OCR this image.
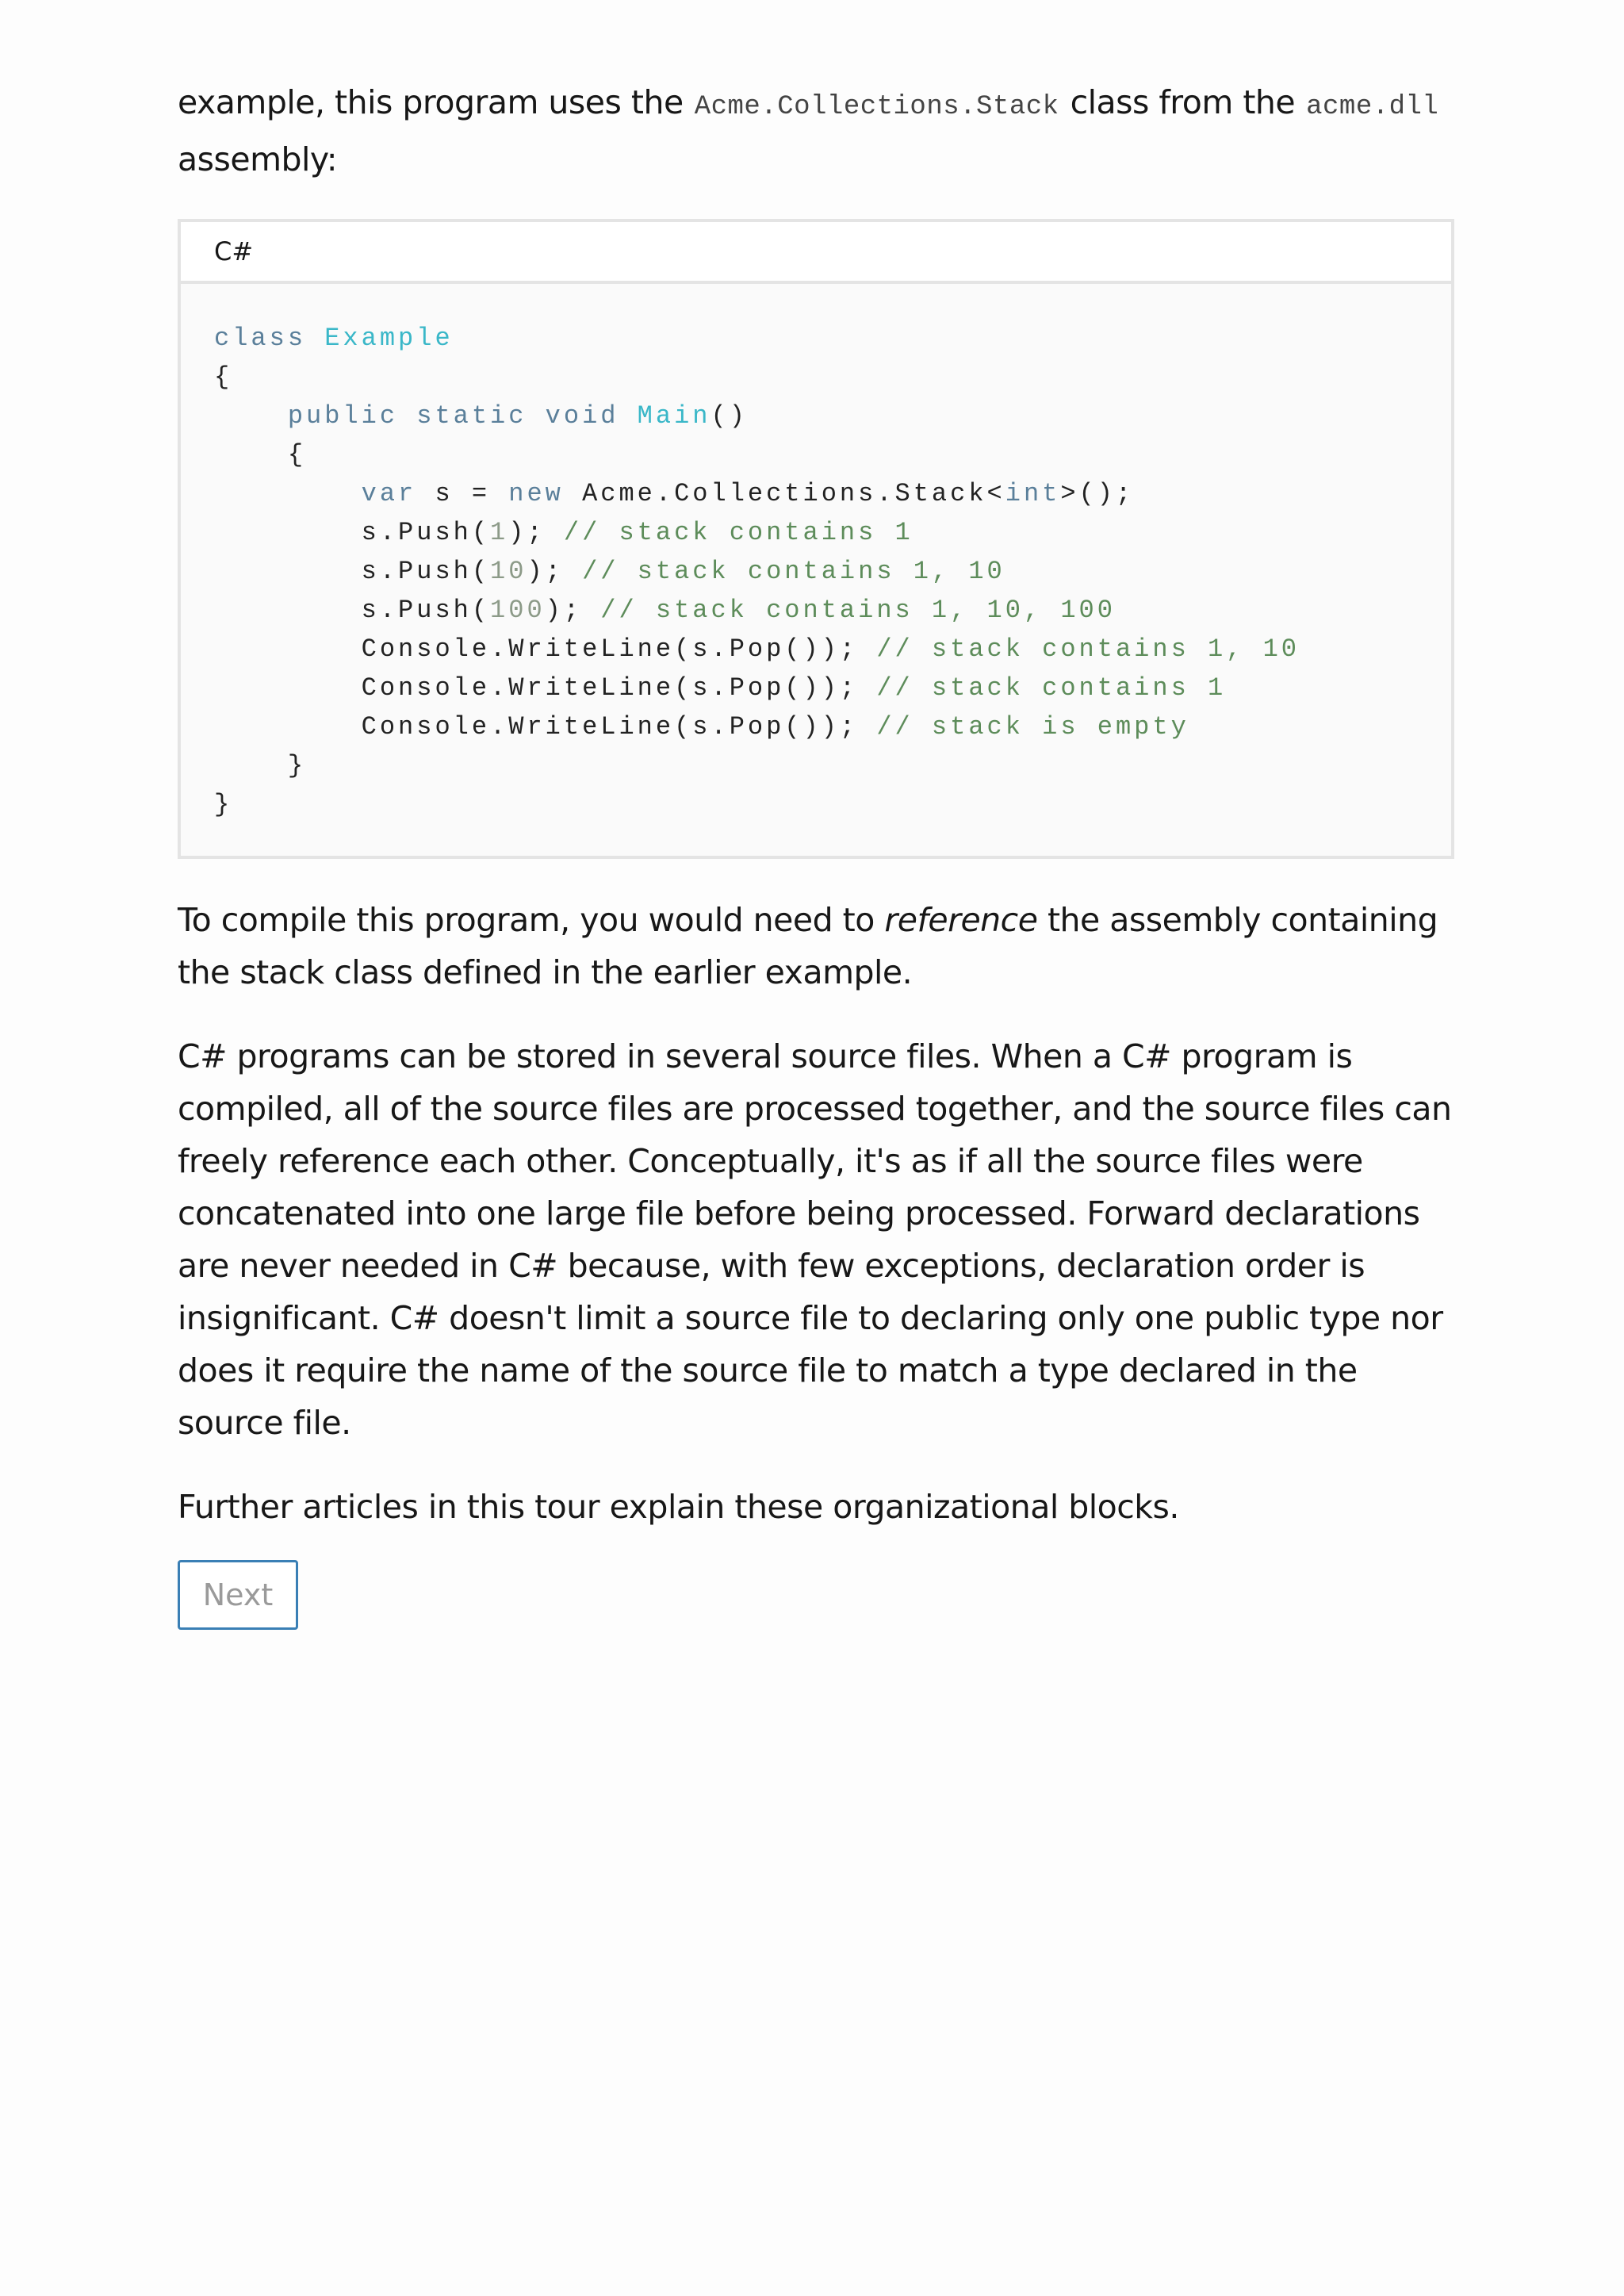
example, this program uses the Acme.Collections.Stack class from the acme.dll
assembly:

C#
class Example
{
public static void Main()
{
var s = new Acme.Collections.Stack<int>();
s.Push(1); // stack contains 1
s.Push(10); // stack contains 1, 10
s.Push(100); // stack contains 1, 10, 100
Console.WriteLine(s.Pop()); // stack contains 1, 10
Console.WriteLine(s.Pop()); // stack contains 1
Console.WriteLine(s.Pop()); // stack is empty
}
}

To compile this program, you would need to reference the assembly containing the stack class defined in the earlier example.

C# programs can be stored in several source files. When a C# program is compiled, all of the source files are processed together, and the source files can freely reference each other. Conceptually, it's as if all the source files were concatenated into one large file before being processed. Forward declarations are never needed in C# because, with few exceptions, declaration order is insignificant. C# doesn't limit a source file to declaring only one public type nor does it require the name of the source file to match a type declared in the source file.

Further articles in this tour explain these organizational blocks.

Next
